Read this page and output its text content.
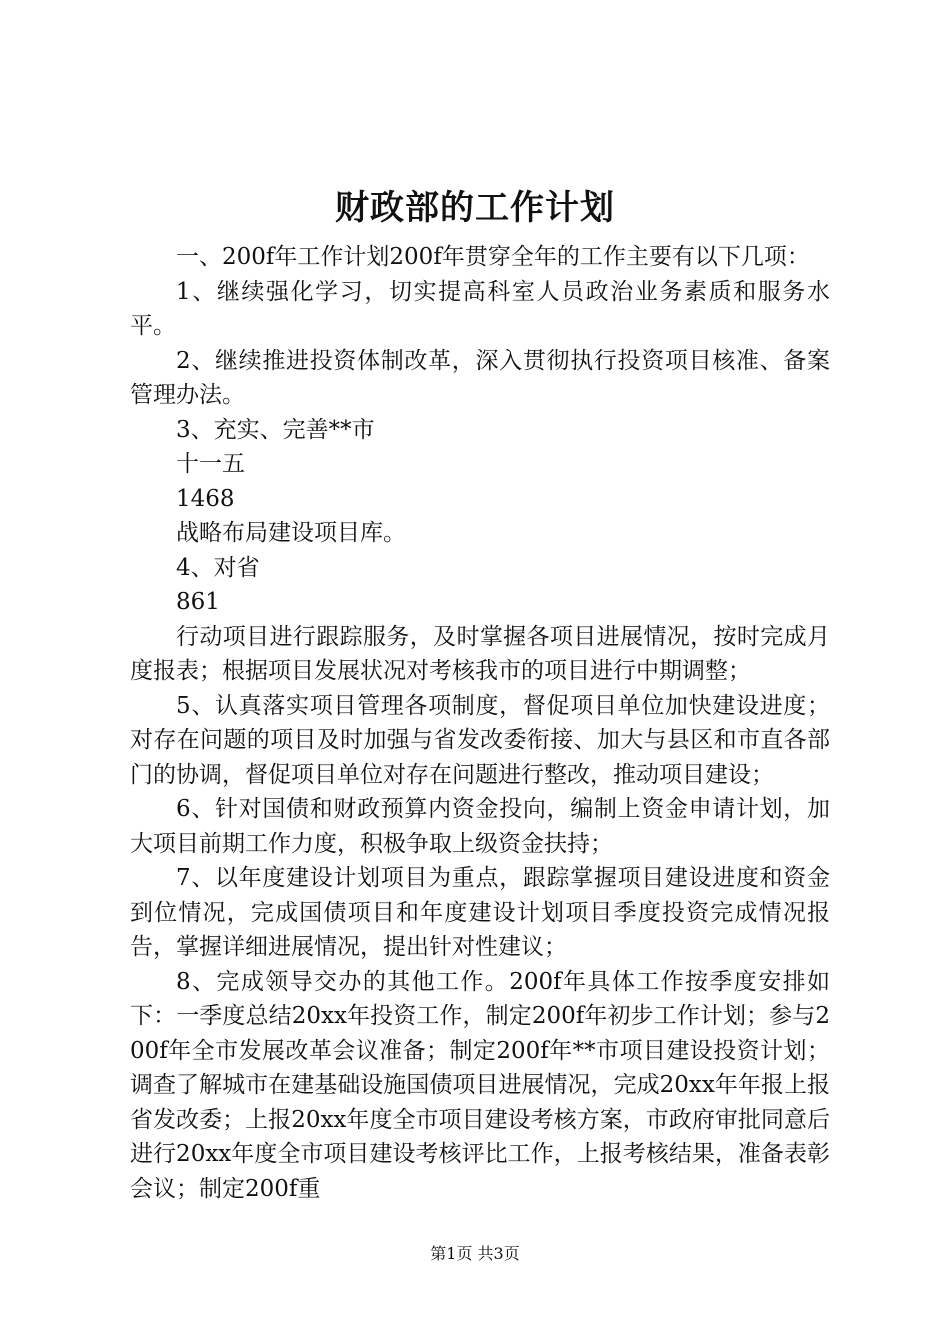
财政部的工作计划

一、200f年工作计划200f年贯穿全年的工作主要有以下几项：

1、继续强化学习，切实提高科室人员政治业务素质和服务水平。

2、继续推进投资体制改革，深入贯彻执行投资项目核准、备案管理办法。

3、充实、完善**市

十一五

1468

战略布局建设项目库。

4、对省

861

行动项目进行跟踪服务，及时掌握各项目进展情况，按时完成月度报表；根据项目发展状况对考核我市的项目进行中期调整；

5、认真落实项目管理各项制度，督促项目单位加快建设进度；对存在问题的项目及时加强与省发改委衔接、加大与县区和市直各部门的协调，督促项目单位对存在问题进行整改，推动项目建设；

6、针对国债和财政预算内资金投向，编制上资金申请计划，加大项目前期工作力度，积极争取上级资金扶持；

7、以年度建设计划项目为重点，跟踪掌握项目建设进度和资金到位情况，完成国债项目和年度建设计划项目季度投资完成情况报告，掌握详细进展情况，提出针对性建议；

8、完成领导交办的其他工作。200f年具体工作按季度安排如下：一季度总结20xx年投资工作，制定200f年初步工作计划；参与200f年全市发展改革会议准备；制定200f年**市项目建设投资计划；调查了解城市在建基础设施国债项目进展情况，完成20xx年年报上报省发改委；上报20xx年度全市项目建设考核方案，市政府审批同意后进行20xx年度全市项目建设考核评比工作，上报考核结果，准备表彰会议；制定200f重

第1页 共3页
